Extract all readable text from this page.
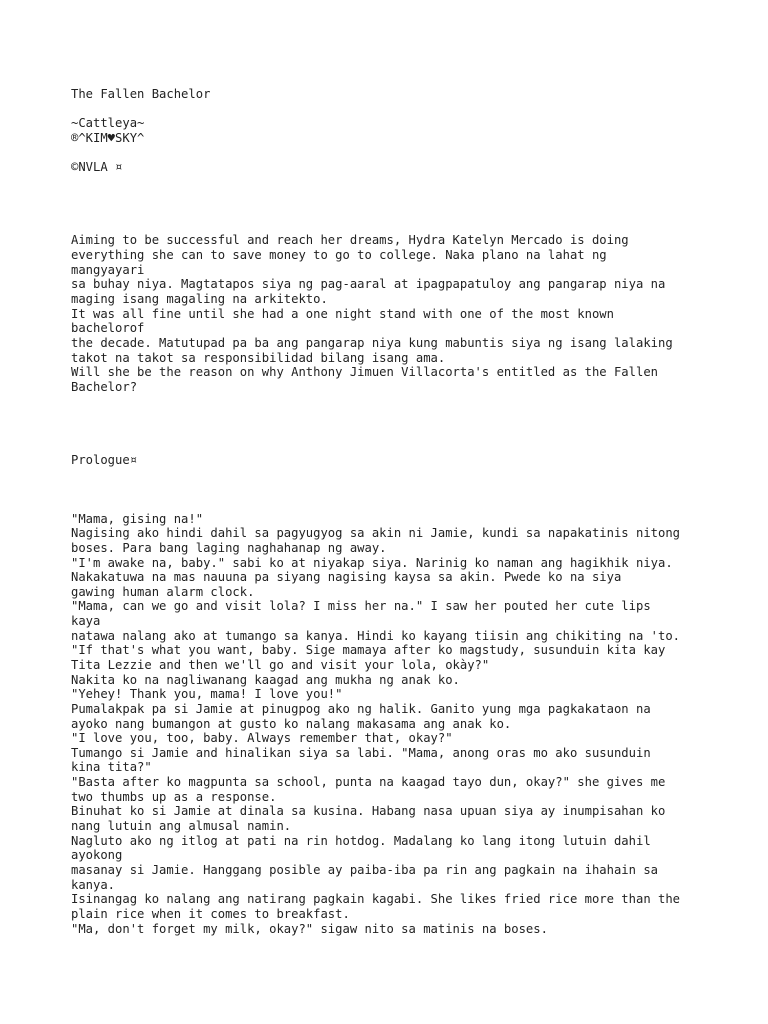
The Fallen Bachelor
~Cattleya~
®^KIM♥SKY^
©NVLA ¤
Aiming to be successful and reach her dreams, Hydra Katelyn Mercado is doing
everything she can to save money to go to college. Naka plano na lahat ng
mangyayari
sa buhay niya. Magtatapos siya ng pag-aaral at ipagpapatuloy ang pangarap niya na
maging isang magaling na arkitekto.
It was all fine until she had a one night stand with one of the most known
bachelorof
the decade. Matutupad pa ba ang pangarap niya kung mabuntis siya ng isang lalaking
takot na takot sa responsibilidad bilang isang ama.
Will she be the reason on why Anthony Jimuen Villacorta's entitled as the Fallen
Bachelor?
Prologue¤
"Mama, gising na!"
Nagising ako hindi dahil sa pagyugyog sa akin ni Jamie, kundi sa napakatinis nitong
boses. Para bang laging naghahanap ng away.
"I'm awake na, baby." sabi ko at niyakap siya. Narinig ko naman ang hagikhik niya.
Nakakatuwa na mas nauuna pa siyang nagising kaysa sa akin. Pwede ko na siya
gawing human alarm clock.
"Mama, can we go and visit lola? I miss her na." I saw her pouted her cute lips
kaya
natawa nalang ako at tumango sa kanya. Hindi ko kayang tiisin ang chikiting na 'to.
"If that's what you want, baby. Sige mamaya after ko magstudy, susunduin kita kay
Tita Lezzie and then we'll go and visit your lola, okày?"
Nakita ko na nagliwanang kaagad ang mukha ng anak ko.
"Yehey! Thank you, mama! I love you!"
Pumalakpak pa si Jamie at pinugpog ako ng halik. Ganito yung mga pagkakataon na
ayoko nang bumangon at gusto ko nalang makasama ang anak ko.
"I love you, too, baby. Always remember that, okay?"
Tumango si Jamie and hinalikan siya sa labi. "Mama, anong oras mo ako susunduin
kina tita?"
"Basta after ko magpunta sa school, punta na kaagad tayo dun, okay?" she gives me
two thumbs up as a response.
Binuhat ko si Jamie at dinala sa kusina. Habang nasa upuan siya ay inumpisahan ko
nang lutuin ang almusal namin.
Nagluto ako ng itlog at pati na rin hotdog. Madalang ko lang itong lutuin dahil
ayokong
masanay si Jamie. Hanggang posible ay paiba-iba pa rin ang pagkain na ihahain sa
kanya.
Isinangag ko nalang ang natirang pagkain kagabi. She likes fried rice more than the
plain rice when it comes to breakfast.
"Ma, don't forget my milk, okay?" sigaw nito sa matinis na boses.
